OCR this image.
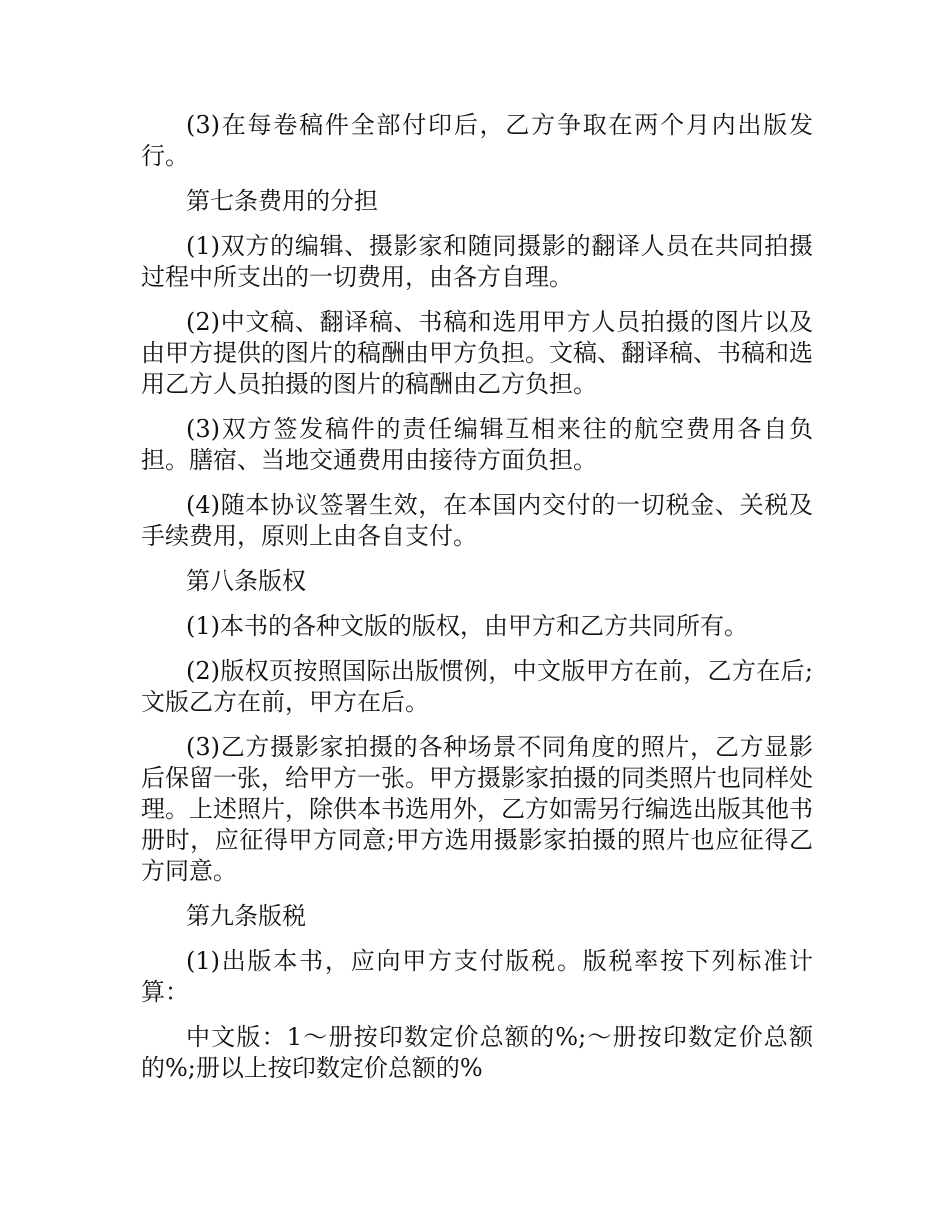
(3)在每卷稿件全部付印后，乙方争取在两个月内出版发行。

第七条费用的分担

(1)双方的编辑、摄影家和随同摄影的翻译人员在共同拍摄过程中所支出的一切费用，由各方自理。

(2)中文稿、翻译稿、书稿和选用甲方人员拍摄的图片以及由甲方提供的图片的稿酬由甲方负担。文稿、翻译稿、书稿和选用乙方人员拍摄的图片的稿酬由乙方负担。

(3)双方签发稿件的责任编辑互相来往的航空费用各自负担。膳宿、当地交通费用由接待方面负担。

(4)随本协议签署生效，在本国内交付的一切税金、关税及手续费用，原则上由各自支付。

第八条版权

(1)本书的各种文版的版权，由甲方和乙方共同所有。

(2)版权页按照国际出版惯例，中文版甲方在前，乙方在后;文版乙方在前，甲方在后。

(3)乙方摄影家拍摄的各种场景不同角度的照片，乙方显影后保留一张，给甲方一张。甲方摄影家拍摄的同类照片也同样处理。上述照片，除供本书选用外，乙方如需另行编选出版其他书册时，应征得甲方同意;甲方选用摄影家拍摄的照片也应征得乙方同意。

第九条版税

(1)出版本书，应向甲方支付版税。版税率按下列标准计算：

中文版：1～册按印数定价总额的%;～册按印数定价总额的%;册以上按印数定价总额的%
